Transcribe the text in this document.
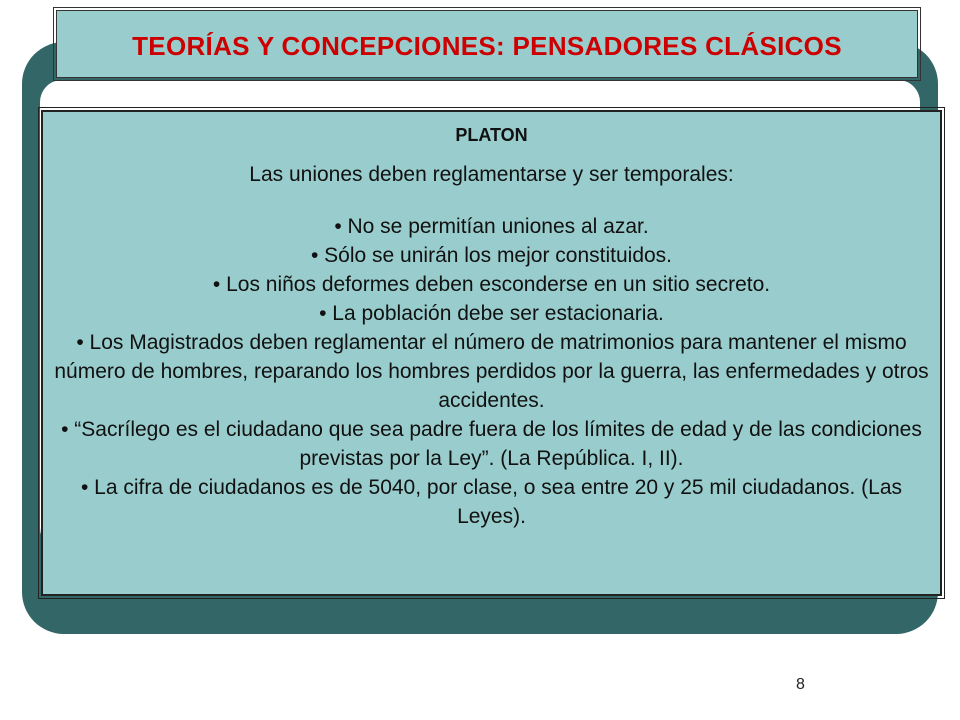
TEORÍAS Y CONCEPCIONES: PENSADORES CLÁSICOS
PLATON
Las uniones deben reglamentarse y ser temporales:
• No se permitían uniones al azar.
• Sólo se unirán los mejor constituidos.
• Los niños deformes deben esconderse en un sitio secreto.
• La población debe ser estacionaria.
• Los Magistrados deben reglamentar el número de matrimonios para mantener el mismo número de hombres, reparando los hombres perdidos por la guerra, las enfermedades y otros accidentes.
• “Sacrílego es el ciudadano que sea padre fuera de los límites de edad y de las condiciones previstas por la Ley”. (La República. I, II).
• La cifra de ciudadanos es de 5040, por clase, o sea entre 20 y 25 mil ciudadanos. (Las Leyes).
8
